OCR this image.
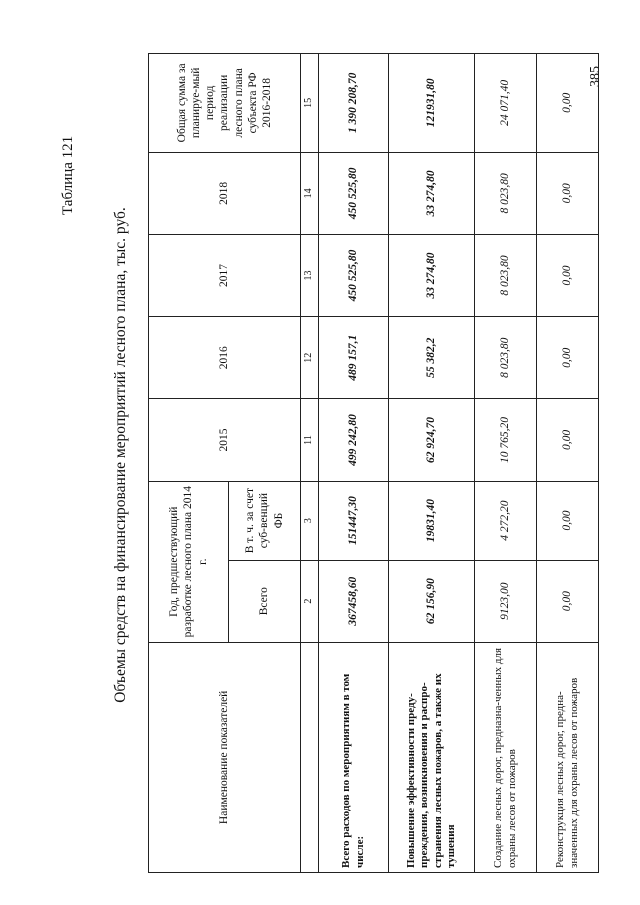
385
Таблица 121
Объемы средств на финансирование мероприятий лесного плана, тыс. руб.
Наименование показателей	Год, предшествующий разработке лесного плана 2014 г.		2015	2016	2017	2018	Общая сумма за планируе-мый период реализации лесного плана субъекта РФ 2016-2018
	Всего	В т. ч. за счет суб-венций ФБ					
	2	3	11	12	13	14	15
Всего расходов по мероприятиям в том числе:	367458,60	151447,30	499 242,80	489 157,1	450 525,80	450 525,80	1 390 208,70
Повышение эффективности преду-преждения, возникновения и распро-странения лесных пожаров, а также их тушения	62 156,90	19831,40	62 924,70	55 382,2	33 274,80	33 274,80	121931,80
Создание лесных дорог, предназна-ченных для охраны лесов от пожаров	9123,00	4 272,20	10 765,20	8 023,80	8 023,80	8 023,80	24 071,40
Реконструкция лесных дорог, предна-значенных для охраны лесов от пожаров	0,00	0,00	0,00	0,00	0,00	0,00	0,00
